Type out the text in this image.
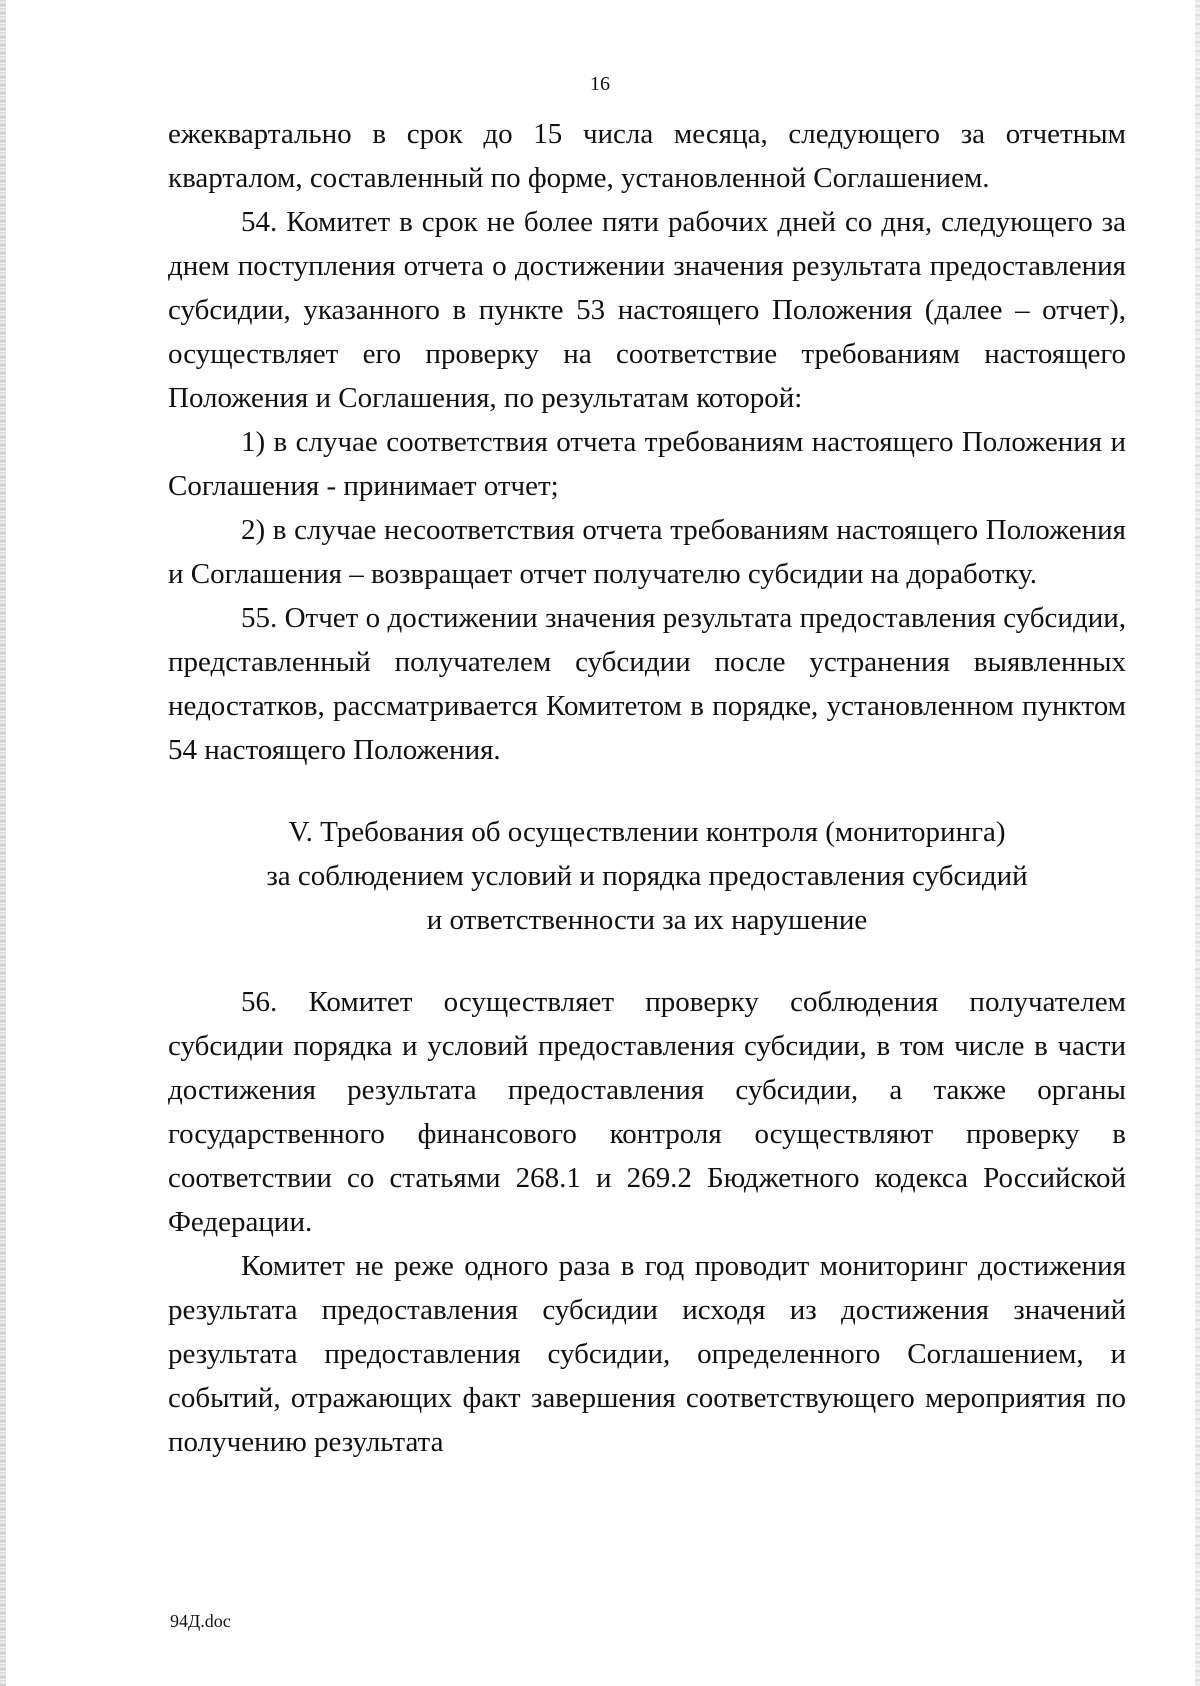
16

ежеквартально в срок до 15 числа месяца, следующего за отчетным кварталом, составленный по форме, установленной Соглашением.

54. Комитет в срок не более пяти рабочих дней со дня, следующего за днем поступления отчета о достижении значения результата предоставления субсидии, указанного в пункте 53 настоящего Положения (далее – отчет), осуществляет его проверку на соответствие требованиям настоящего Положения и Соглашения, по результатам которой:

1) в случае соответствия отчета требованиям настоящего Положения и Соглашения - принимает отчет;

2) в случае несоответствия отчета требованиям настоящего Положения и Соглашения – возвращает отчет получателю субсидии на доработку.

55. Отчет о достижении значения результата предоставления субсидии, представленный получателем субсидии после устранения выявленных недостатков, рассматривается Комитетом в порядке, установленном пунктом 54 настоящего Положения.

V. Требования об осуществлении контроля (мониторинга)
за соблюдением условий и порядка предоставления субсидий
и ответственности за их нарушение

56. Комитет осуществляет проверку соблюдения получателем субсидии порядка и условий предоставления субсидии, в том числе в части достижения результата предоставления субсидии, а также органы государственного финансового контроля осуществляют проверку в соответствии со статьями 268.1 и 269.2 Бюджетного кодекса Российской Федерации.

Комитет не реже одного раза в год проводит мониторинг достижения результата предоставления субсидии исходя из достижения значений результата предоставления субсидии, определенного Соглашением, и событий, отражающих факт завершения соответствующего мероприятия по получению результата

94Д.doc
